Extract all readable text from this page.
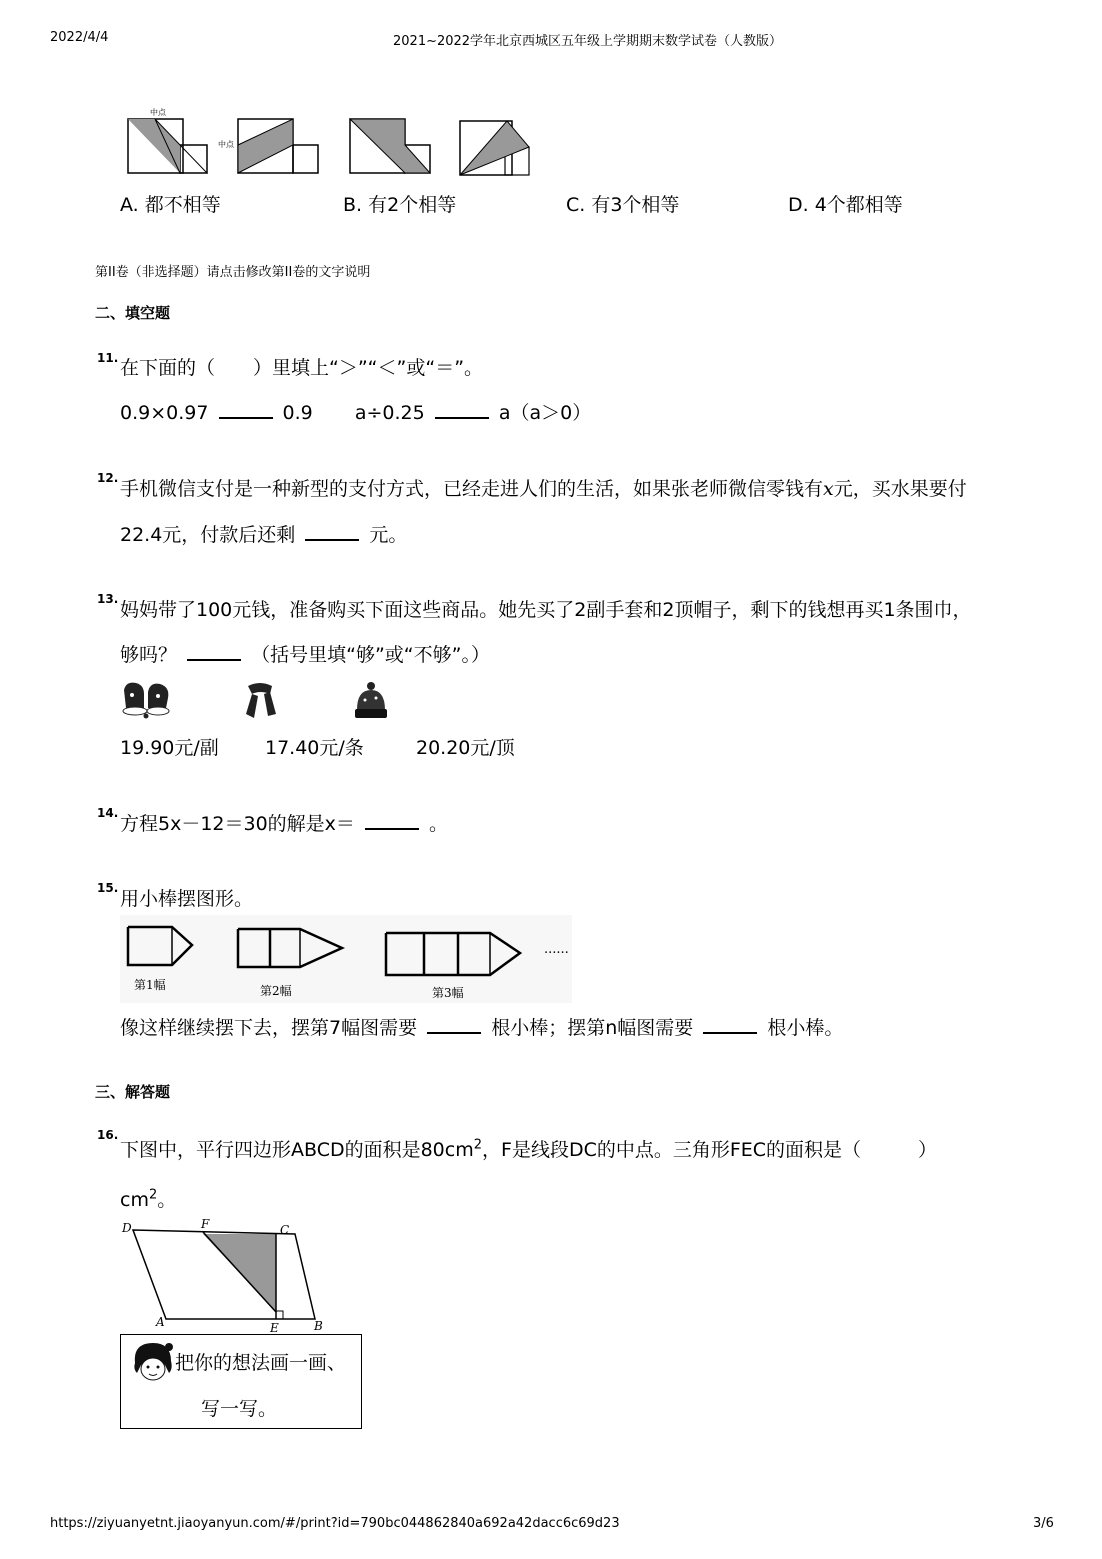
2022/4/4	2021~2022学年北京西城区五年级上学期期末数学试卷（人教版）
中点
中点
A. 都不相等	B. 有2个相等	C. 有3个相等	D. 4个都相等
第II卷（非选择题）请点击修改第II卷的文字说明
二、填空题
11. 在下面的（　　）里填上“＞”“＜”或“＝”。
0.9×0.97	0.9 a÷0.25	a（a＞0）
12. 手机微信支付是一种新型的支付方式，已经走进人们的生活，如果张老师微信零钱有x元，买水果要付
22.4元，付款后还剩	元。
13. 妈妈带了100元钱，准备购买下面这些商品。她先买了2副手套和2顶帽子，剩下的钱想再买1条围巾，
够吗？	（括号里填“够”或“不够”。）
19.90元/副 17.40元/条	20.20元/顶
14. 方程5x－12＝30的解是x＝	。
15. 用小棒摆图形。
......
第1幅	第2幅	第3幅
像这样继续摆下去，摆第7幅图需要	根小棒；摆第n幅图需要	根小棒。
三、解答题
16.
下图中，平行四边形ABCD的面积是$80cm^2$，F是线段DC的中点。三角形FEC的面积是（　　　）
$cm^2$。
D	F	C
A	E	B
把你的想法画一画、
写一写。
https://ziyuanyetnt.jiaoyanyun.com/#/print?id=790bc044862840a692a42dacc6c69d23	3/6
